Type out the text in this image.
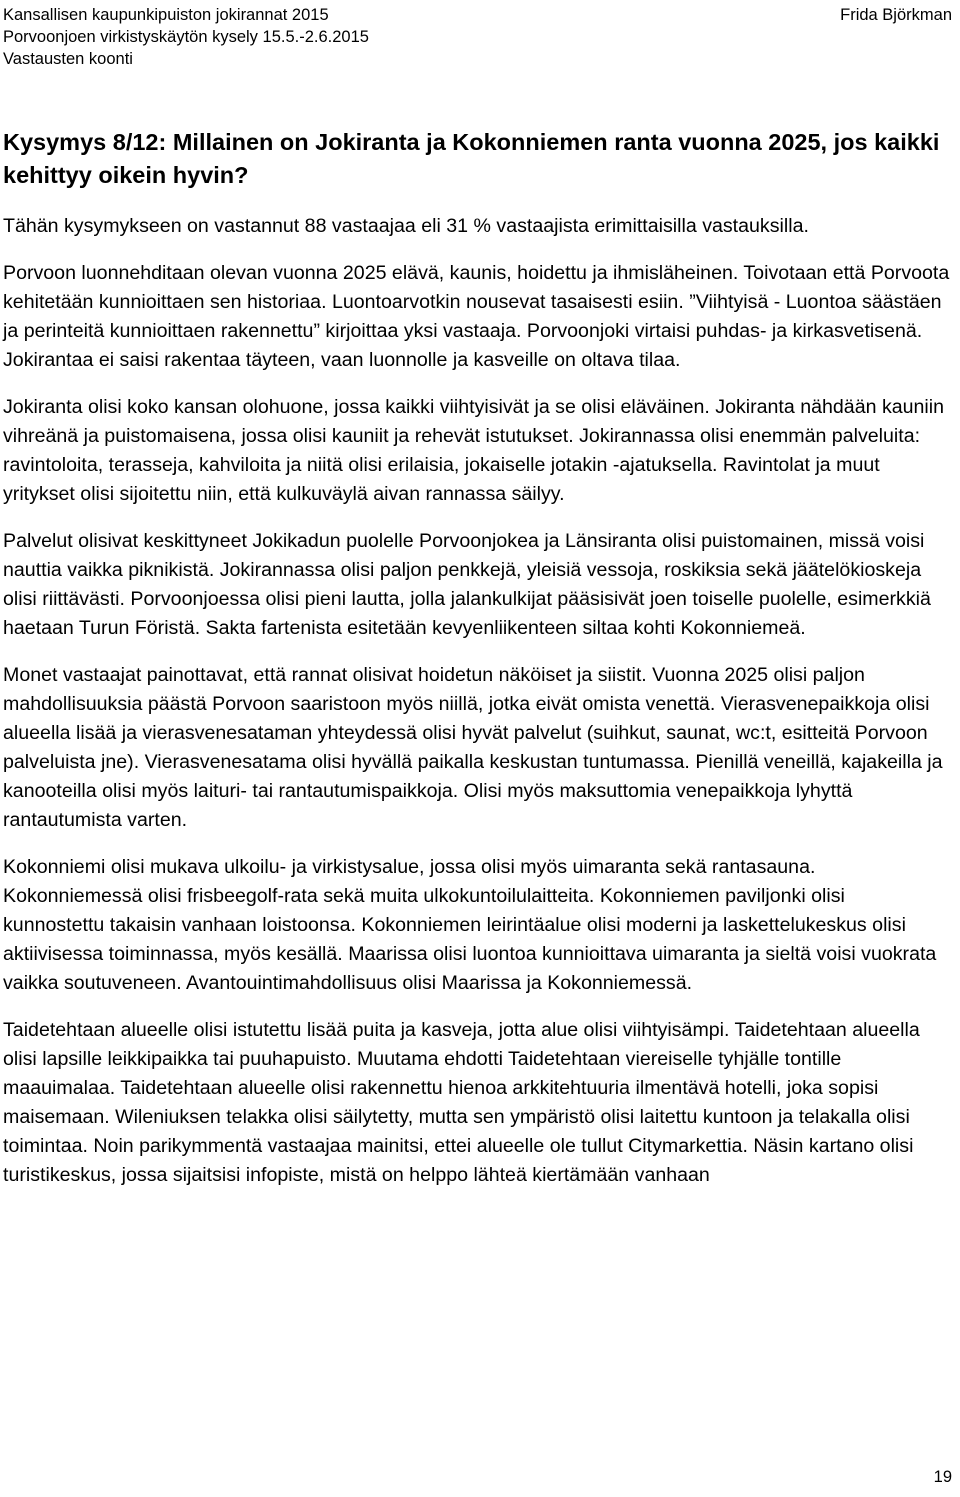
Kansallisen kaupunkipuiston jokirannat 2015
Porvoonjoen virkistyskäytön kysely 15.5.-2.6.2015
Vastausten koonti
Frida Björkman
Kysymys 8/12: Millainen on Jokiranta ja Kokonniemen ranta vuonna 2025, jos kaikki kehittyy oikein hyvin?

Tähän kysymykseen on vastannut 88 vastaajaa eli 31 % vastaajista erimittaisilla vastauksilla.

Porvoon luonnehditaan olevan vuonna 2025 elävä, kaunis, hoidettu ja ihmisläheinen. Toivotaan että Porvoota kehitetään kunnioittaen sen historiaa. Luontoarvotkin nousevat tasaisesti esiin. ”Viihtyisä - Luontoa säästäen ja perinteitä kunnioittaen rakennettu” kirjoittaa yksi vastaaja. Porvoonjoki virtaisi puhdas- ja kirkasvetisenä. Jokirantaa ei saisi rakentaa täyteen, vaan luonnolle ja kasveille on oltava tilaa.

Jokiranta olisi koko kansan olohuone, jossa kaikki viihtyisivät ja se olisi eläväinen. Jokiranta nähdään kauniin vihreänä ja puistomaisena, jossa olisi kauniit ja rehevät istutukset. Jokirannassa olisi enemmän palveluita: ravintoloita, terasseja, kahviloita ja niitä olisi erilaisia, jokaiselle jotakin -ajatuksella. Ravintolat ja muut yritykset olisi sijoitettu niin, että kulkuväylä aivan rannassa säilyy.

Palvelut olisivat keskittyneet Jokikadun puolelle Porvoonjokea ja Länsiranta olisi puistomainen, missä voisi nauttia vaikka piknikistä. Jokirannassa olisi paljon penkkejä, yleisiä vessoja, roskiksia sekä jäätelökioskeja olisi riittävästi. Porvoonjoessa olisi pieni lautta, jolla jalankulkijat pääsisivät joen toiselle puolelle, esimerkkiä haetaan Turun Föristä. Sakta fartenista esitetään kevyenliikenteen siltaa kohti Kokonniemeä.

Monet vastaajat painottavat, että rannat olisivat hoidetun näköiset ja siistit. Vuonna 2025 olisi paljon mahdollisuuksia päästä Porvoon saaristoon myös niillä, jotka eivät omista venettä. Vierasvenepaikkoja olisi alueella lisää ja vierasvenesataman yhteydessä olisi hyvät palvelut (suihkut, saunat, wc:t, esitteitä Porvoon palveluista jne). Vierasvenesatama olisi hyvällä paikalla keskustan tuntumassa. Pienillä veneillä, kajakeilla ja kanooteilla olisi myös laituri- tai rantautumispaikkoja. Olisi myös maksuttomia venepaikkoja lyhyttä rantautumista varten.

Kokonniemi olisi mukava ulkoilu- ja virkistysalue, jossa olisi myös uimaranta sekä rantasauna. Kokonniemessä olisi frisbeegolf-rata sekä muita ulkokuntoilulaitteita. Kokonniemen paviljonki olisi kunnostettu takaisin vanhaan loistoonsa. Kokonniemen leirintäalue olisi moderni ja laskettelukeskus olisi aktiivisessa toiminnassa, myös kesällä. Maarissa olisi luontoa kunnioittava uimaranta ja sieltä voisi vuokrata vaikka soutuveneen. Avantouintimahdollisuus olisi Maarissa ja Kokonniemessä.

Taidetehtaan alueelle olisi istutettu lisää puita ja kasveja, jotta alue olisi viihtyisämpi. Taidetehtaan alueella olisi lapsille leikkipaikka tai puuhapuisto. Muutama ehdotti Taidetehtaan viereiselle tyhjälle tontille maauimalaa. Taidetehtaan alueelle olisi rakennettu hienoa arkkitehtuuria ilmentävä hotelli, joka sopisi maisemaan. Wileniuksen telakka olisi säilytetty, mutta sen ympäristö olisi laitettu kuntoon ja telakalla olisi toimintaa. Noin parikymmentä vastaajaa mainitsi, ettei alueelle ole tullut Citymarkettia. Näsin kartano olisi turistikeskus, jossa sijaitsisi infopiste, mistä on helppo lähteä kiertämään vanhaan

19
